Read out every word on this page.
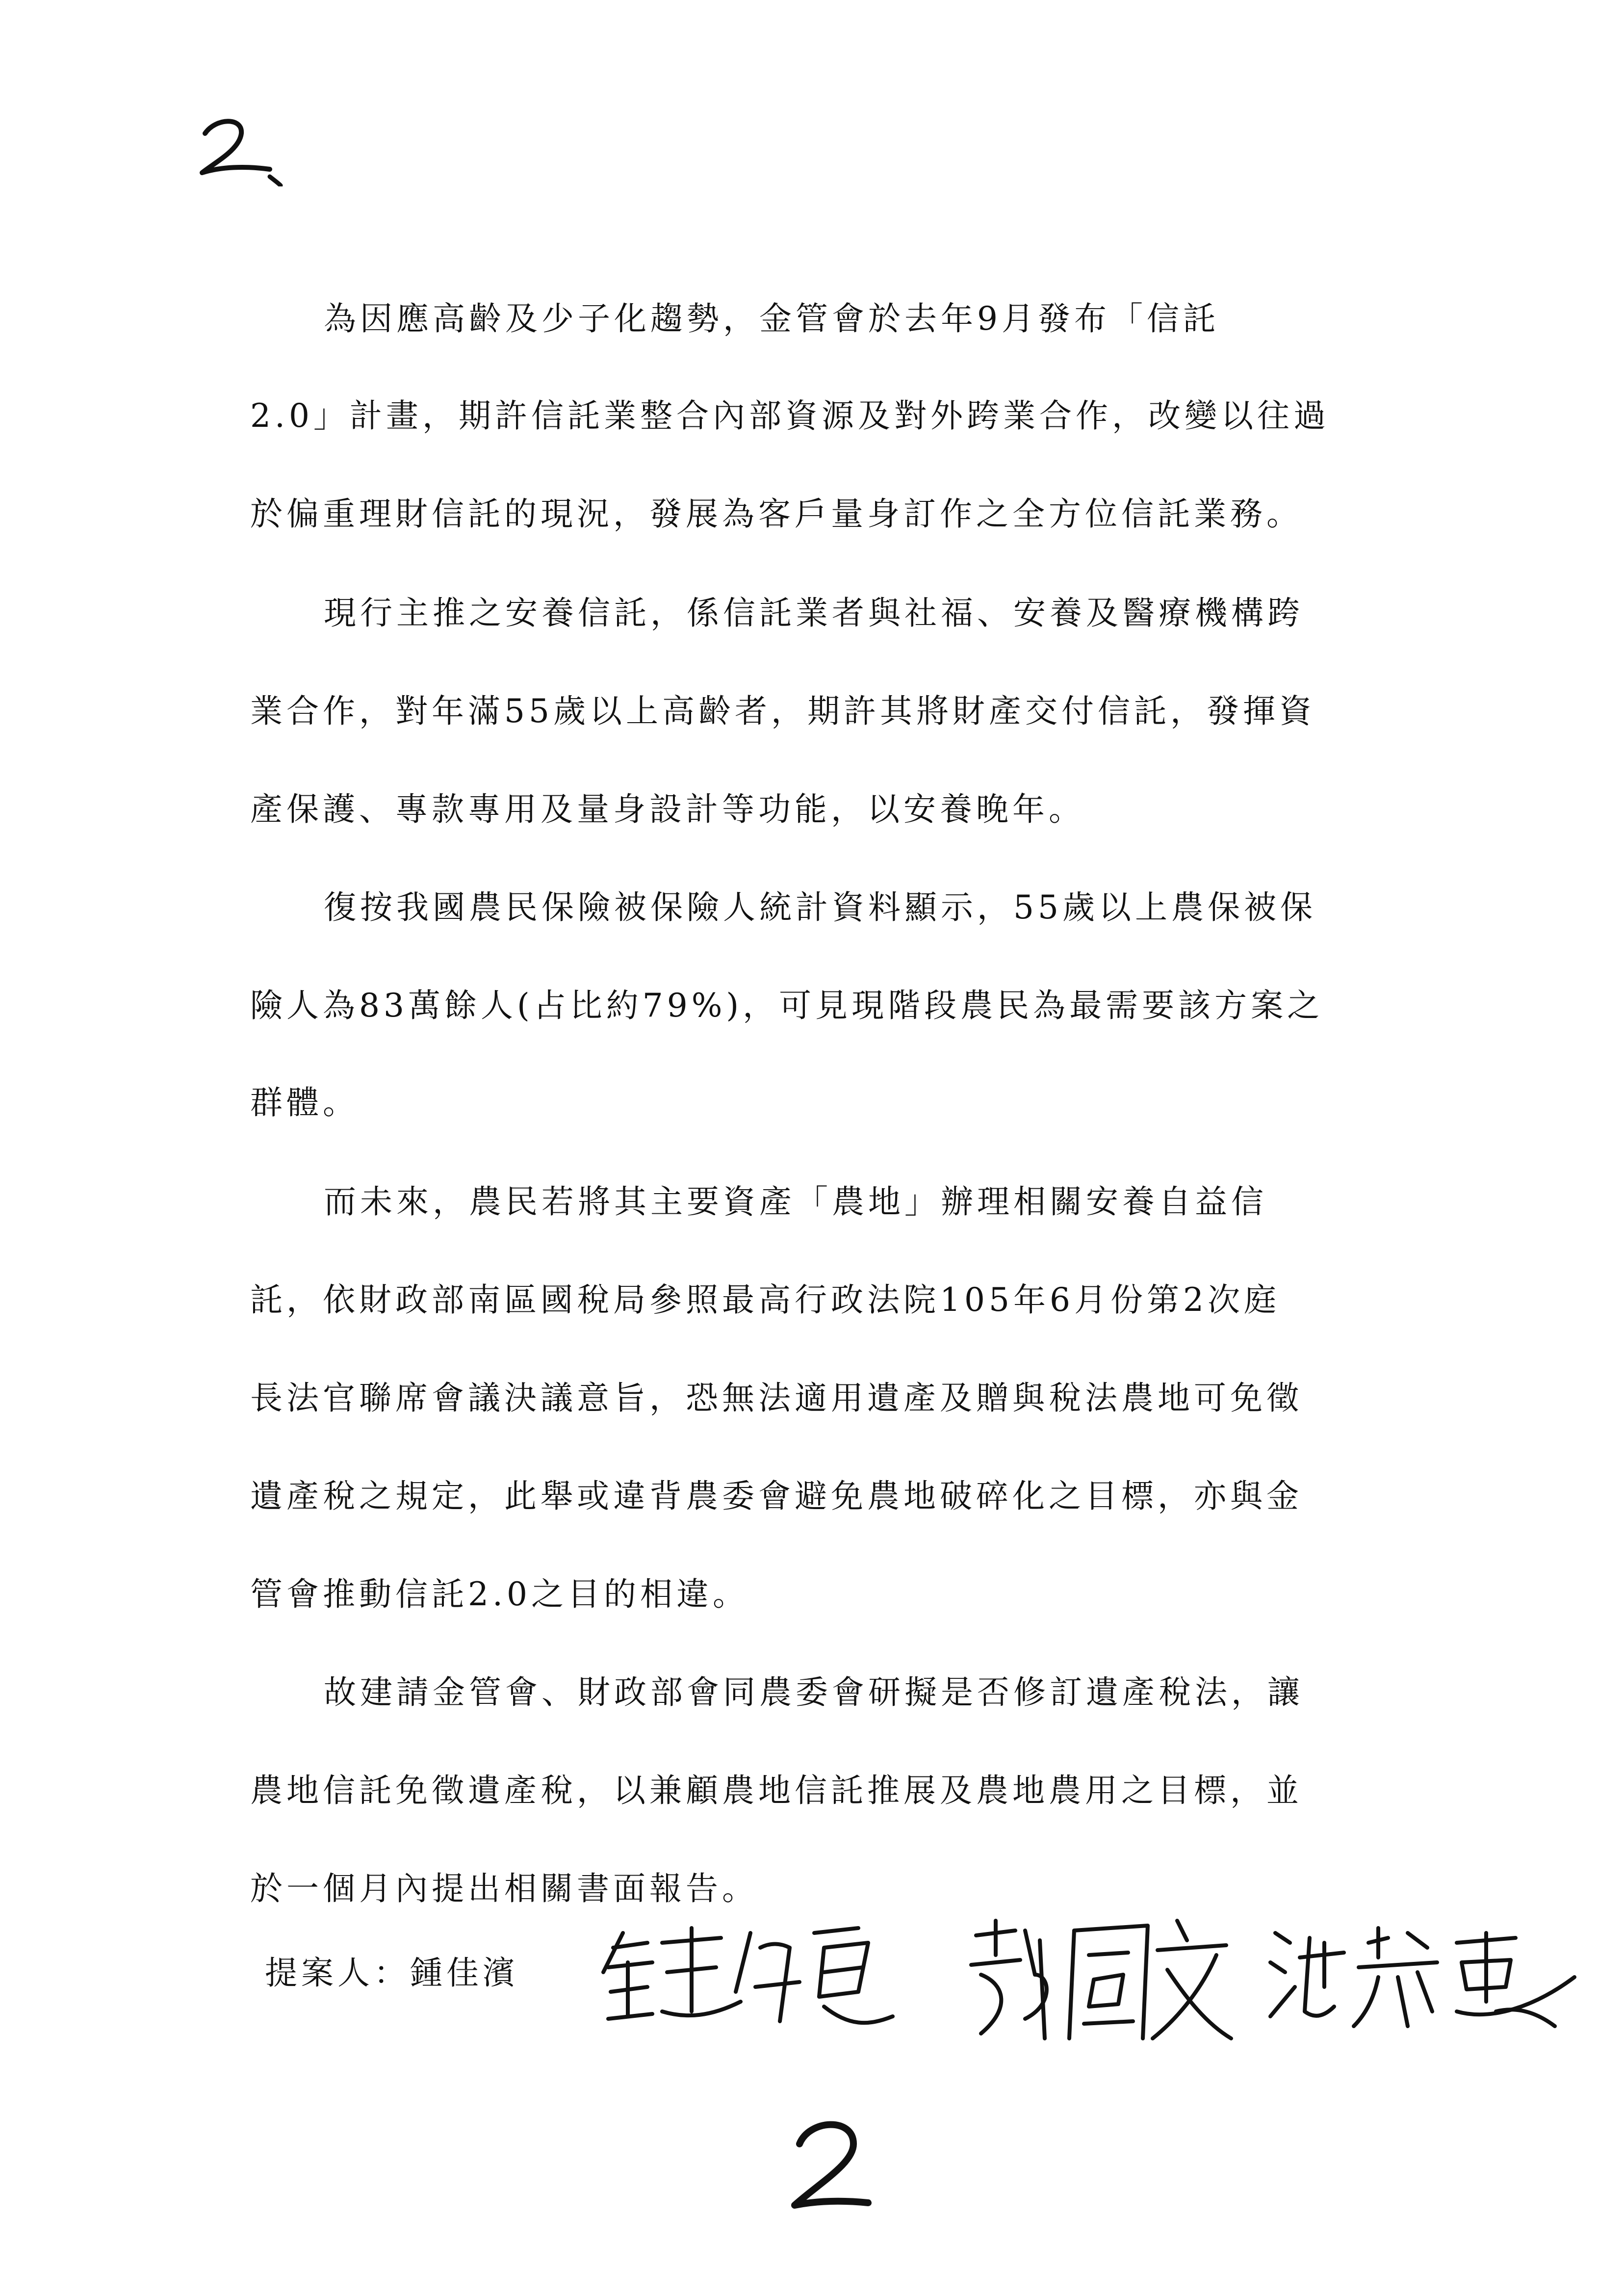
為因應高齡及少子化趨勢，金管會於去年9月發布「信託
2.0」計畫，期許信託業整合內部資源及對外跨業合作，改變以往過
於偏重理財信託的現況，發展為客戶量身訂作之全方位信託業務。
現行主推之安養信託，係信託業者與社福、安養及醫療機構跨
業合作，對年滿55歲以上高齡者，期許其將財產交付信託，發揮資
產保護、專款專用及量身設計等功能，以安養晚年。
復按我國農民保險被保險人統計資料顯示，55歲以上農保被保
險人為83萬餘人(占比約79%)，可見現階段農民為最需要該方案之
群體。
而未來，農民若將其主要資產「農地」辦理相關安養自益信
託，依財政部南區國稅局參照最高行政法院105年6月份第2次庭
長法官聯席會議決議意旨，恐無法適用遺產及贈與稅法農地可免徵
遺產稅之規定，此舉或違背農委會避免農地破碎化之目標，亦與金
管會推動信託2.0之目的相違。
故建請金管會、財政部會同農委會研擬是否修訂遺產稅法，讓
農地信託免徵遺產稅，以兼顧農地信託推展及農地農用之目標，並
於一個月內提出相關書面報告。
提案人：鍾佳濱
